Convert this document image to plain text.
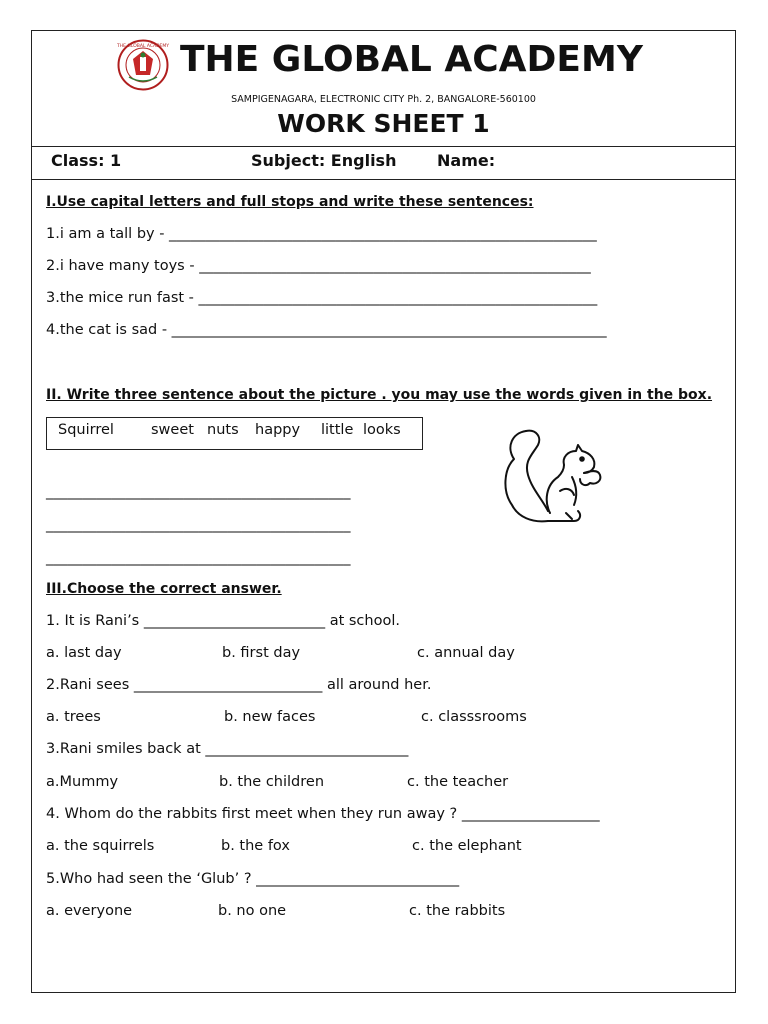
THE GLOBAL ACADEMY THE GLOBAL ACADEMY
SAMPIGENAGARA, ELECTRONIC CITY Ph. 2, BANGALORE-560100
WORK SHEET 1
Class: 1	Subject: English	Name:
I.Use capital letters and full stops and write these sentences:
1.i am a tall by - ___________________________________________________________
2.i have many toys - ______________________________________________________
3.the mice run fast - _______________________________________________________
4.the cat is sad - ____________________________________________________________
II. Write three sentence about the picture . you may use the words given in the box.
Squirrel	sweet nuts happy little looks
__________________________________________
__________________________________________
__________________________________________
III.Choose the correct answer.
1. It is Rani’s _________________________ at school.
a. last day	b. first day	c. annual day
2.Rani sees __________________________ all around her.
a. trees	b. new faces	c. classsrooms
3.Rani smiles back at ____________________________
a.Mummy	b. the children	c. the teacher
4. Whom do the rabbits first meet when they run away ? ___________________
a. the squirrels	b. the fox	c. the elephant
5.Who had seen the ‘Glub’ ? ____________________________
a. everyone	b. no one	c. the rabbits
